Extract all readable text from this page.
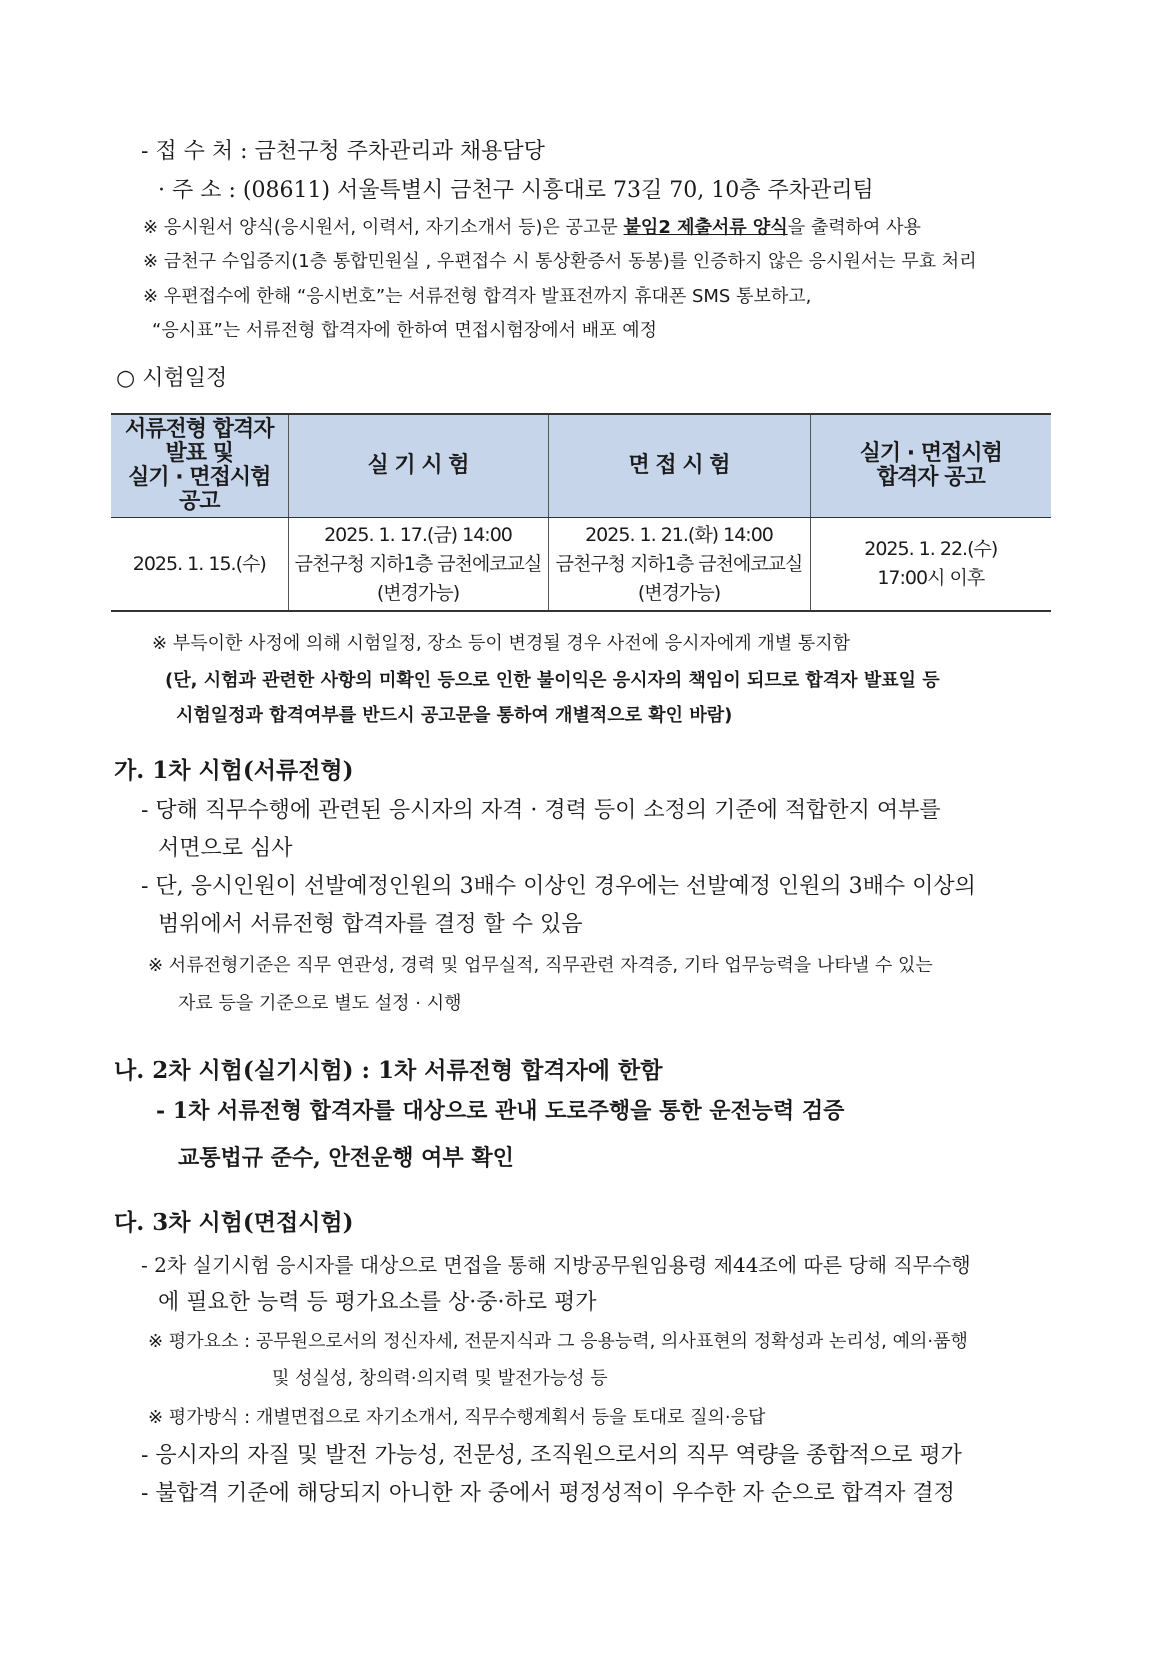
- 접 수 처 : 금천구청 주차관리과 채용담당
· 주 소 : (08611) 서울특별시 금천구 시흥대로 73길 70, 10층 주차관리팀
※ 응시원서 양식(응시원서, 이력서, 자기소개서 등)은 공고문 붙임2 제출서류 양식을 출력하여 사용
※ 금천구 수입증지(1층 통합민원실 , 우편접수 시 통상환증서 동봉)를 인증하지 않은 응시원서는 무효 처리
※ 우편접수에 한해 “응시번호”는 서류전형 합격자 발표전까지 휴대폰 SMS 통보하고,
“응시표”는 서류전형 합격자에 한하여 면접시험장에서 배포 예정
○ 시험일정
서류전형 합격자
발표 및
실기 · 면접시험
공고	실 기 시 험	면 접 시 험	실기 · 면접시험
합격자 공고

2025. 1. 15.(수)	2025. 1. 17.(금) 14:00
금천구청 지하1층 금천에코교실
(변경가능)	2025. 1. 21.(화) 14:00
금천구청 지하1층 금천에코교실
(변경가능)	2025. 1. 22.(수)
17:00시 이후
※ 부득이한 사정에 의해 시험일정, 장소 등이 변경될 경우 사전에 응시자에게 개별 통지함
(단, 시험과 관련한 사항의 미확인 등으로 인한 불이익은 응시자의 책임이 되므로 합격자 발표일 등
시험일정과 합격여부를 반드시 공고문을 통하여 개별적으로 확인 바람)
가. 1차 시험(서류전형)
- 당해 직무수행에 관련된 응시자의 자격 · 경력 등이 소정의 기준에 적합한지 여부를
서면으로 심사
- 단, 응시인원이 선발예정인원의 3배수 이상인 경우에는 선발예정 인원의 3배수 이상의
범위에서 서류전형 합격자를 결정 할 수 있음
※ 서류전형기준은 직무 연관성, 경력 및 업무실적, 직무관련 자격증, 기타 업무능력을 나타낼 수 있는
자료 등을 기준으로 별도 설정 · 시행
나. 2차 시험(실기시험) : 1차 서류전형 합격자에 한함
- 1차 서류전형 합격자를 대상으로 관내 도로주행을 통한 운전능력 검증
교통법규 준수, 안전운행 여부 확인
다. 3차 시험(면접시험)
- 2차 실기시험 응시자를 대상으로 면접을 통해 지방공무원임용령 제44조에 따른 당해 직무수행
에 필요한 능력 등 평가요소를 상·중·하로 평가
※ 평가요소 : 공무원으로서의 정신자세, 전문지식과 그 응용능력, 의사표현의 정확성과 논리성, 예의·품행
및 성실성, 창의력·의지력 및 발전가능성 등
※ 평가방식 : 개별면접으로 자기소개서, 직무수행계획서 등을 토대로 질의·응답
- 응시자의 자질 및 발전 가능성, 전문성, 조직원으로서의 직무 역량을 종합적으로 평가
- 불합격 기준에 해당되지 아니한 자 중에서 평정성적이 우수한 자 순으로 합격자 결정
